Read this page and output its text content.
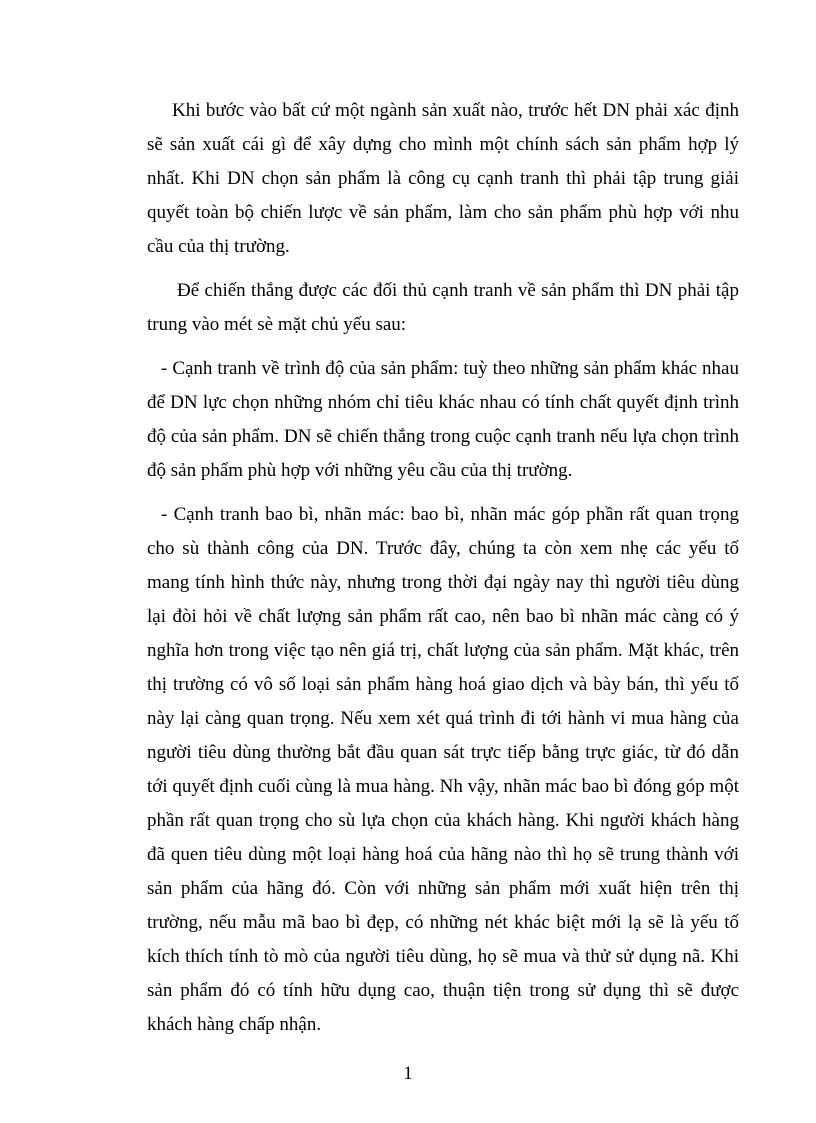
Khi bước vào bất cứ một ngành sản xuất nào, trước hết DN phải xác định sẽ sản xuất cái gì để xây dựng cho mình một chính sách sản phẩm hợp lý nhất. Khi DN chọn sản phẩm là công cụ cạnh tranh thì phải tập trung giải quyết toàn bộ chiến lược về sản phẩm, làm cho sản phẩm phù hợp với nhu cầu của thị trường.

Để chiến thắng được các đối thủ cạnh tranh về sản phẩm thì DN phải tập trung vào mét sè mặt chủ yếu sau:

- Cạnh tranh về trình độ của sản phẩm: tuỳ theo những sản phẩm khác nhau để DN lực chọn những nhóm chỉ tiêu khác nhau có tính chất quyết định trình độ của sản phẩm. DN sẽ chiến thắng trong cuộc cạnh tranh nếu lựa chọn trình độ sản phẩm phù hợp với những yêu cầu của thị trường.

- Cạnh tranh bao bì, nhãn mác: bao bì, nhãn mác góp phần rất quan trọng cho sù thành công của DN. Trước đây, chúng ta còn xem nhẹ các yếu tố mang tính hình thức này, nhưng trong thời đại ngày nay thì người tiêu dùng lại đòi hỏi về chất lượng sản phẩm rất cao, nên bao bì nhãn mác càng có ý nghĩa hơn trong việc tạo nên giá trị, chất lượng của sản phẩm. Mặt khác, trên thị trường có vô số loại sản phẩm hàng hoá giao dịch và bày bán, thì yếu tố này lại càng quan trọng. Nếu xem xét quá trình đi tới hành vi mua hàng của người tiêu dùng thường bắt đầu quan sát trực tiếp bằng trực giác, từ đó dẫn tới quyết định cuối cùng là mua hàng. Nh vậy, nhãn mác bao bì đóng góp một phần rất quan trọng cho sù lựa chọn của khách hàng. Khi người khách hàng đã quen tiêu dùng một loại hàng hoá của hãng nào thì họ sẽ trung thành với sản phẩm của hãng đó. Còn với những sản phẩm mới xuất hiện trên thị trường, nếu mẫu mã bao bì đẹp, có những nét khác biệt mới lạ sẽ là yếu tố kích thích tính tò mò của người tiêu dùng, họ sẽ mua và thử sử dụng nã. Khi sản phẩm đó có tính hữu dụng cao, thuận tiện trong sử dụng thì sẽ được khách hàng chấp nhận.

1
